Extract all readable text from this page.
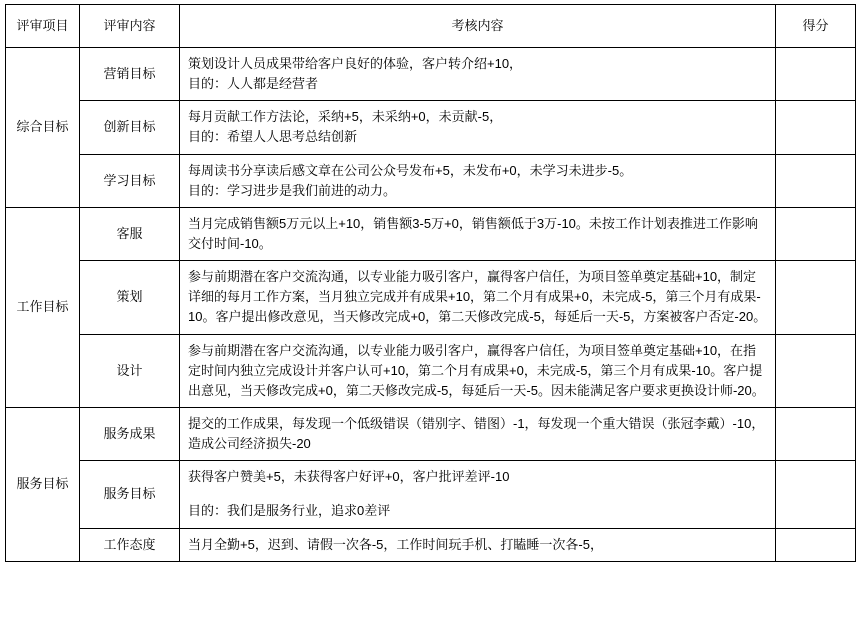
评审项目	评审内容	考核内容	得分
综合目标	营销目标	策划设计人员成果带给客户良好的体验，客户转介绍+10，
目的：人人都是经营者	

	创新目标	每月贡献工作方法论，采纳+5，未采纳+0，未贡献-5，
目的：希望人人思考总结创新	

	学习目标	每周读书分享读后感文章在公司公众号发布+5，未发布+0，未学习未进步-5。
目的：学习进步是我们前进的动力。	

工作目标	客服	当月完成销售额5万元以上+10，销售额3-5万+0，销售额低于3万-10。未按工作计划表推进工作影响交付时间-10。	
	策划	参与前期潜在客户交流沟通，以专业能力吸引客户，赢得客户信任，为项目签单奠定基础+10，制定详细的每月工作方案，当月独立完成并有成果+10，第二个月有成果+0，未完成-5，第三个月有成果-10。客户提出修改意见，当天修改完成+0，第二天修改完成-5，每延后一天-5，方案被客户否定-20。	
	设计	参与前期潜在客户交流沟通，以专业能力吸引客户，赢得客户信任，为项目签单奠定基础+10，在指定时间内独立完成设计并客户认可+10，第二个月有成果+0，未完成-5，第三个月有成果-10。客户提出意见，当天修改完成+0，第二天修改完成-5，每延后一天-5。因未能满足客户要求更换设计师-20。	
服务目标	服务成果	提交的工作成果，每发现一个低级错误（错别字、错图）-1，每发现一个重大错误（张冠李戴）-10，造成公司经济损失-20	
	服务目标	获得客户赞美+5，未获得客户好评+0，客户批评差评-10
目的：我们是服务行业，追求0差评	

	工作态度	当月全勤+5，迟到、请假一次各-5，工作时间玩手机、打瞌睡一次各-5，	
